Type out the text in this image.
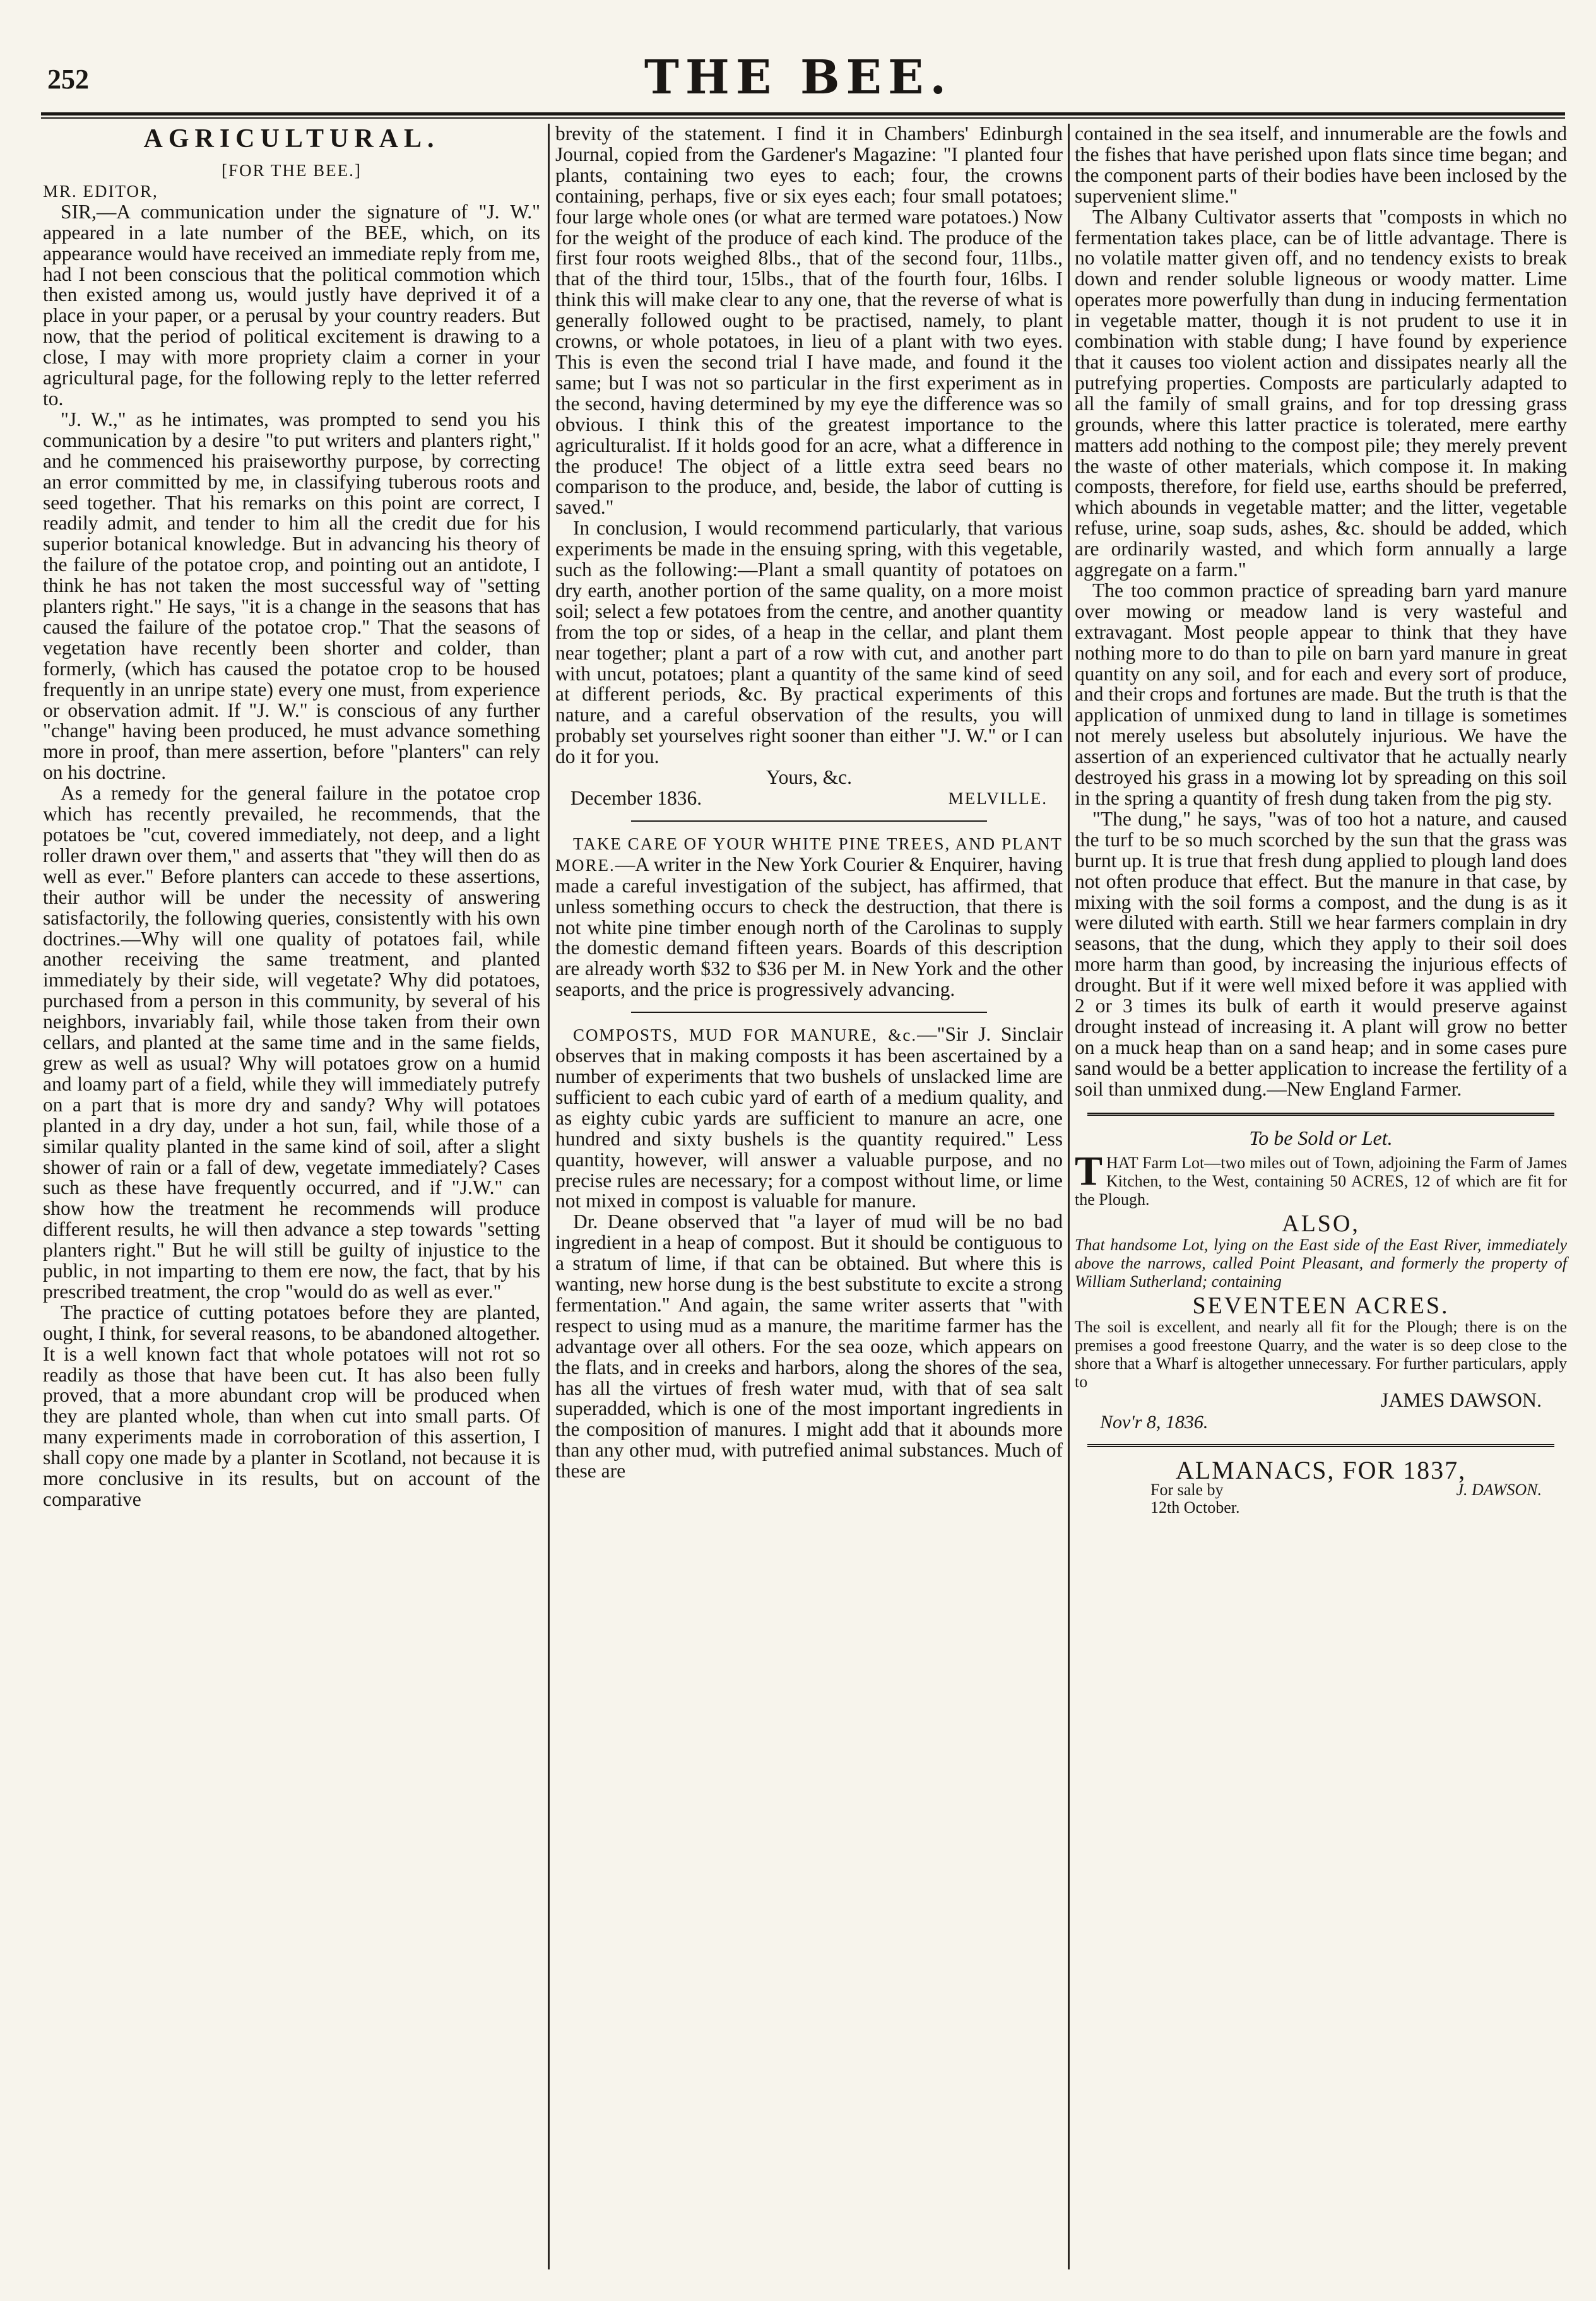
252	THE BEE.
AGRICULTURAL.

[FOR THE BEE.]

MR. EDITOR,

SIR,—A communication under the signature of "J. W." appeared in a late number of the BEE, which, on its appearance would have received an immediate reply from me, had I not been conscious that the political commotion which then existed among us, would justly have deprived it of a place in your paper, or a perusal by your country readers. But now, that the period of political excitement is drawing to a close, I may with more propriety claim a corner in your agricultural page, for the following reply to the letter referred to.

"J. W.," as he intimates, was prompted to send you his communication by a desire "to put writers and planters right," and he commenced his praiseworthy purpose, by correcting an error committed by me, in classifying tuberous roots and seed together. That his remarks on this point are correct, I readily admit, and tender to him all the credit due for his superior botanical knowledge. But in advancing his theory of the failure of the potatoe crop, and pointing out an antidote, I think he has not taken the most successful way of "setting planters right." He says, "it is a change in the seasons that has caused the failure of the potatoe crop." That the seasons of vegetation have recently been shorter and colder, than formerly, (which has caused the potatoe crop to be housed frequently in an unripe state) every one must, from experience or observation admit. If "J. W." is conscious of any further "change" having been produced, he must advance something more in proof, than mere assertion, before "planters" can rely on his doctrine.

As a remedy for the general failure in the potatoe crop which has recently prevailed, he recommends, that the potatoes be "cut, covered immediately, not deep, and a light roller drawn over them," and asserts that "they will then do as well as ever." Before planters can accede to these assertions, their author will be under the necessity of answering satisfactorily, the following queries, consistently with his own doctrines.—Why will one quality of potatoes fail, while another receiving the same treatment, and planted immediately by their side, will vegetate? Why did potatoes, purchased from a person in this community, by several of his neighbors, invariably fail, while those taken from their own cellars, and planted at the same time and in the same fields, grew as well as usual? Why will potatoes grow on a humid and loamy part of a field, while they will immediately putrefy on a part that is more dry and sandy? Why will potatoes planted in a dry day, under a hot sun, fail, while those of a similar quality planted in the same kind of soil, after a slight shower of rain or a fall of dew, vegetate immediately? Cases such as these have frequently occurred, and if "J.W." can show how the treatment he recommends will produce different results, he will then advance a step towards "setting planters right." But he will still be guilty of injustice to the public, in not imparting to them ere now, the fact, that by his prescribed treatment, the crop "would do as well as ever."

The practice of cutting potatoes before they are planted, ought, I think, for several reasons, to be abandoned altogether. It is a well known fact that whole potatoes will not rot so readily as those that have been cut. It has also been fully proved, that a more abundant crop will be produced when they are planted whole, than when cut into small parts. Of many experiments made in corroboration of this assertion, I shall copy one made by a planter in Scotland, not because it is more conclusive in its results, but on account of the comparative

brevity of the statement. I find it in Chambers' Edinburgh Journal, copied from the Gardener's Magazine: "I planted four plants, containing two eyes to each; four, the crowns containing, perhaps, five or six eyes each; four small potatoes; four large whole ones (or what are termed ware potatoes.) Now for the weight of the produce of each kind. The produce of the first four roots weighed 8lbs., that of the second four, 11lbs., that of the third tour, 15lbs., that of the fourth four, 16lbs. I think this will make clear to any one, that the reverse of what is generally followed ought to be practised, namely, to plant crowns, or whole potatoes, in lieu of a plant with two eyes. This is even the second trial I have made, and found it the same; but I was not so particular in the first experiment as in the second, having determined by my eye the difference was so obvious. I think this of the greatest importance to the agriculturalist. If it holds good for an acre, what a difference in the produce! The object of a little extra seed bears no comparison to the produce, and, beside, the labor of cutting is saved."

In conclusion, I would recommend particularly, that various experiments be made in the ensuing spring, with this vegetable, such as the following:—Plant a small quantity of potatoes on dry earth, another portion of the same quality, on a more moist soil; select a few potatoes from the centre, and another quantity from the top or sides, of a heap in the cellar, and plant them near together; plant a part of a row with cut, and another part with uncut, potatoes; plant a quantity of the same kind of seed at different periods, &c. By practical experiments of this nature, and a careful observation of the results, you will probably set yourselves right sooner than either "J. W." or I can do it for you.

Yours, &c.

December 1836.	MELVILLE.

TAKE CARE OF YOUR WHITE PINE TREES, AND PLANT MORE.—A writer in the New York Courier & Enquirer, having made a careful investigation of the subject, has affirmed, that unless something occurs to check the destruction, that there is not white pine timber enough north of the Carolinas to supply the domestic demand fifteen years. Boards of this description are already worth $32 to $36 per M. in New York and the other seaports, and the price is progressively advancing.

COMPOSTS, MUD FOR MANURE, &c.—"Sir J. Sinclair observes that in making composts it has been ascertained by a number of experiments that two bushels of unslacked lime are sufficient to each cubic yard of earth of a medium quality, and as eighty cubic yards are sufficient to manure an acre, one hundred and sixty bushels is the quantity required." Less quantity, however, will answer a valuable purpose, and no precise rules are necessary; for a compost without lime, or lime not mixed in compost is valuable for manure.

Dr. Deane observed that "a layer of mud will be no bad ingredient in a heap of compost. But it should be contiguous to a stratum of lime, if that can be obtained. But where this is wanting, new horse dung is the best substitute to excite a strong fermentation." And again, the same writer asserts that "with respect to using mud as a manure, the maritime farmer has the advantage over all others. For the sea ooze, which appears on the flats, and in creeks and harbors, along the shores of the sea, has all the virtues of fresh water mud, with that of sea salt superadded, which is one of the most important ingredients in the composition of manures. I might add that it abounds more than any other mud, with putrefied animal substances. Much of these are

contained in the sea itself, and innumerable are the fowls and the fishes that have perished upon flats since time began; and the component parts of their bodies have been inclosed by the supervenient slime."

The Albany Cultivator asserts that "composts in which no fermentation takes place, can be of little advantage. There is no volatile matter given off, and no tendency exists to break down and render soluble ligneous or woody matter. Lime operates more powerfully than dung in inducing fermentation in vegetable matter, though it is not prudent to use it in combination with stable dung; I have found by experience that it causes too violent action and dissipates nearly all the putrefying properties. Composts are particularly adapted to all the family of small grains, and for top dressing grass grounds, where this latter practice is tolerated, mere earthy matters add nothing to the compost pile; they merely prevent the waste of other materials, which compose it. In making composts, therefore, for field use, earths should be preferred, which abounds in vegetable matter; and the litter, vegetable refuse, urine, soap suds, ashes, &c. should be added, which are ordinarily wasted, and which form annually a large aggregate on a farm."

The too common practice of spreading barn yard manure over mowing or meadow land is very wasteful and extravagant. Most people appear to think that they have nothing more to do than to pile on barn yard manure in great quantity on any soil, and for each and every sort of produce, and their crops and fortunes are made. But the truth is that the application of unmixed dung to land in tillage is sometimes not merely useless but absolutely injurious. We have the assertion of an experienced cultivator that he actually nearly destroyed his grass in a mowing lot by spreading on this soil in the spring a quantity of fresh dung taken from the pig sty.

"The dung," he says, "was of too hot a nature, and caused the turf to be so much scorched by the sun that the grass was burnt up. It is true that fresh dung applied to plough land does not often produce that effect. But the manure in that case, by mixing with the soil forms a compost, and the dung is as it were diluted with earth. Still we hear farmers complain in dry seasons, that the dung, which they apply to their soil does more harm than good, by increasing the injurious effects of drought. But if it were well mixed before it was applied with 2 or 3 times its bulk of earth it would preserve against drought instead of increasing it. A plant will grow no better on a muck heap than on a sand heap; and in some cases pure sand would be a better application to increase the fertility of a soil than unmixed dung.—New England Farmer.

To be Sold or Let.
THAT Farm Lot—two miles out of Town, adjoining the Farm of James Kitchen, to the West, containing 50 ACRES, 12 of which are fit for the Plough.
ALSO,
That handsome Lot, lying on the East side of the East River, immediately above the narrows, called Point Pleasant, and formerly the property of William Sutherland; containing
SEVENTEEN ACRES.
The soil is excellent, and nearly all fit for the Plough; there is on the premises a good freestone Quarry, and the water is so deep close to the shore that a Wharf is altogether unnecessary. For further particulars, apply to
JAMES DAWSON.
Nov'r 8, 1836.
ALMANACS, FOR 1837,
For sale by	J. DAWSON.
12th October.
